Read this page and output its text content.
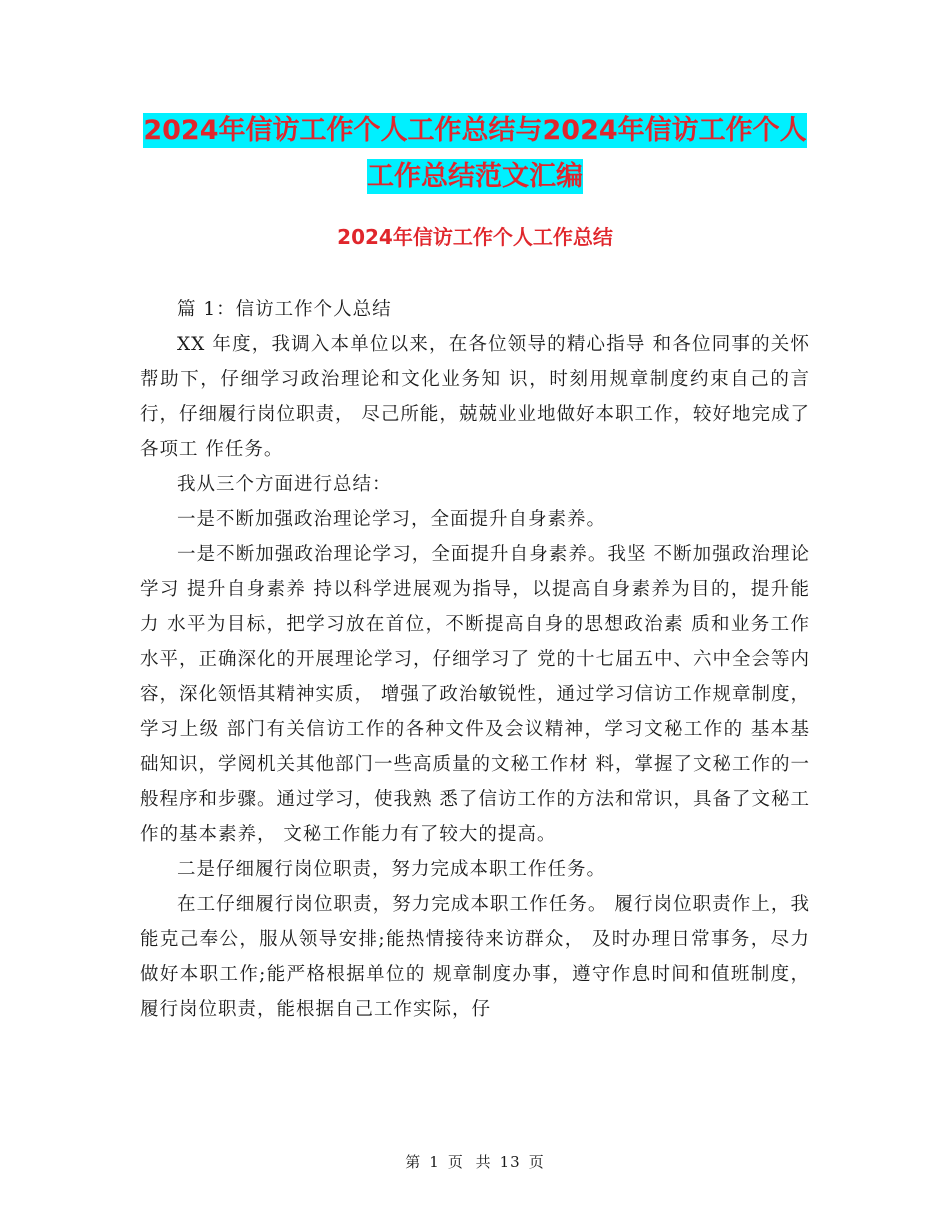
2024年信访工作个人工作总结与2024年信访工作个人
工作总结范文汇编
2024年信访工作个人工作总结

篇 1：信访工作个人总结

XX 年度，我调入本单位以来，在各位领导的精心指导 和各位同事的关怀帮助下，仔细学习政治理论和文化业务知 识，时刻用规章制度约束自己的言行，仔细履行岗位职责， 尽己所能，兢兢业业地做好本职工作，较好地完成了各项工 作任务。

我从三个方面进行总结：

一是不断加强政治理论学习，全面提升自身素养。

一是不断加强政治理论学习，全面提升自身素养。我坚 不断加强政治理论学习 提升自身素养 持以科学进展观为指导，以提高自身素养为目的，提升能力 水平为目标，把学习放在首位，不断提高自身的思想政治素 质和业务工作水平，正确深化的开展理论学习，仔细学习了 党的十七届五中、六中全会等内容，深化领悟其精神实质， 增强了政治敏锐性，通过学习信访工作规章制度，学习上级 部门有关信访工作的各种文件及会议精神，学习文秘工作的 基本基础知识，学阅机关其他部门一些高质量的文秘工作材 料，掌握了文秘工作的一般程序和步骤。通过学习，使我熟 悉了信访工作的方法和常识，具备了文秘工作的基本素养， 文秘工作能力有了较大的提高。

二是仔细履行岗位职责，努力完成本职工作任务。

在工仔细履行岗位职责，努力完成本职工作任务。 履行岗位职责作上，我能克己奉公，服从领导安排;能热情接待来访群众， 及时办理日常事务，尽力做好本职工作;能严格根据单位的 规章制度办事，遵守作息时间和值班制度，履行岗位职责，能根据自己工作实际，仔

第 1 页 共 13 页
